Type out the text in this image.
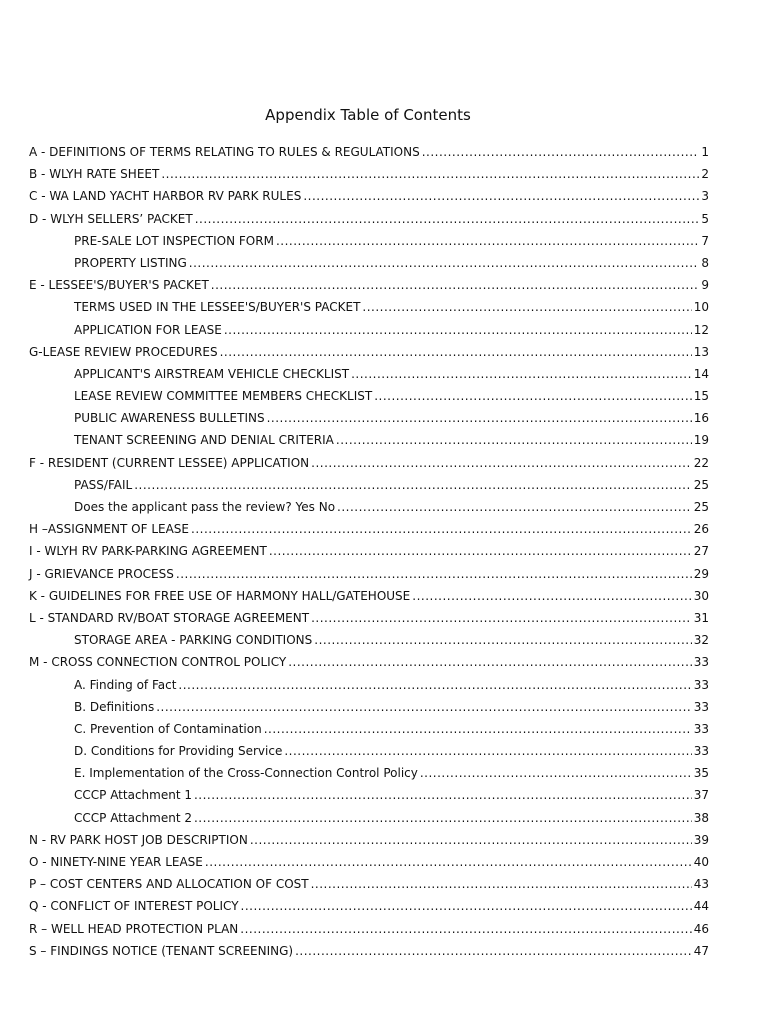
Appendix Table of Contents
A - DEFINITIONS OF TERMS RELATING TO RULES & REGULATIONS .....	1
B - WLYH RATE SHEET .....	2
C - WA LAND YACHT HARBOR RV PARK RULES .....	3
D - WLYH SELLERS’ PACKET .....	5
PRE-SALE LOT INSPECTION FORM .....	7
PROPERTY LISTING .....	8
E - LESSEE'S/BUYER'S PACKET .....	9
TERMS USED IN THE LESSEE'S/BUYER'S PACKET .....	10
APPLICATION FOR LEASE .....	12
G-LEASE REVIEW PROCEDURES .....	13
APPLICANT'S AIRSTREAM VEHICLE CHECKLIST .....	14
LEASE REVIEW COMMITTEE MEMBERS CHECKLIST .....	15
PUBLIC AWARENESS BULLETINS .....	16
TENANT SCREENING AND DENIAL CRITERIA .....	19
F - RESIDENT (CURRENT LESSEE) APPLICATION .....	22
PASS/FAIL .....	25
Does the applicant pass the review? Yes No .....	25
H –ASSIGNMENT OF LEASE .....	26
I - WLYH RV PARK-PARKING AGREEMENT .....	27
J - GRIEVANCE PROCESS .....	29
K - GUIDELINES FOR FREE USE OF HARMONY HALL/GATEHOUSE .....	30
L - STANDARD RV/BOAT STORAGE AGREEMENT .....	31
STORAGE AREA - PARKING CONDITIONS .....	32
M - CROSS CONNECTION CONTROL POLICY .....	33
A. Finding of Fact .....	33
B. Definitions .....	33
C. Prevention of Contamination .....	33
D. Conditions for Providing Service .....	33
E. Implementation of the Cross-Connection Control Policy .....	35
CCCP Attachment 1 .....	37
CCCP Attachment 2 .....	38
N - RV PARK HOST JOB DESCRIPTION .....	39
O - NINETY-NINE YEAR LEASE .....	40
P – COST CENTERS AND ALLOCATION OF COST .....	43
Q - CONFLICT OF INTEREST POLICY .....	44
R – WELL HEAD PROTECTION PLAN .....	46
S – FINDINGS NOTICE (TENANT SCREENING) .....	47
